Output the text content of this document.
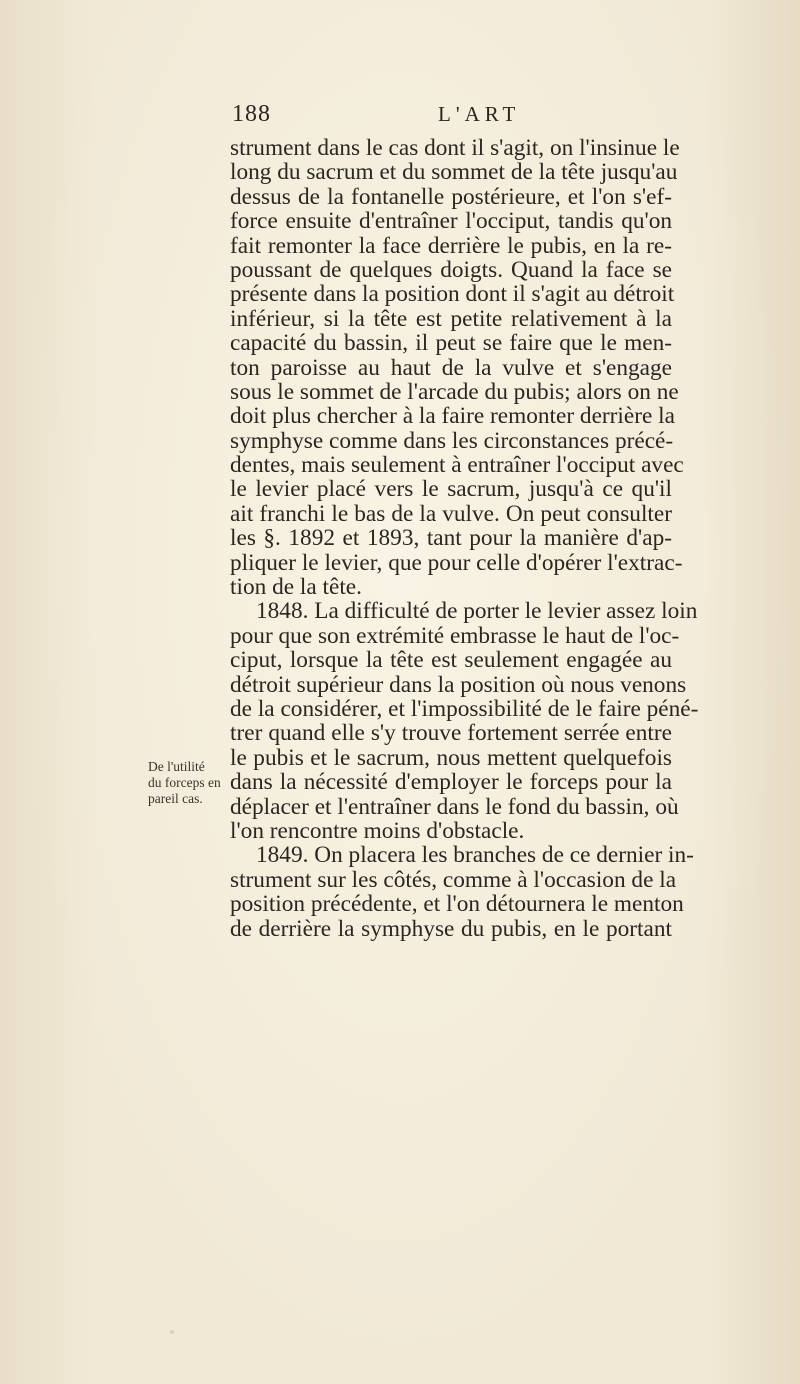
188	L'ART
De l'utilité
du forceps en
pareil cas.
strument dans le cas dont il s'agit, on l'insinue le
long du sacrum et du sommet de la tête jusqu'au
dessus de la fontanelle postérieure, et l'on s'ef-
force ensuite d'entraîner l'occiput, tandis qu'on
fait remonter la face derrière le pubis, en la re-
poussant de quelques doigts. Quand la face se
présente dans la position dont il s'agit au détroit
inférieur, si la tête est petite relativement à la
capacité du bassin, il peut se faire que le men-
ton paroisse au haut de la vulve et s'engage
sous le sommet de l'arcade du pubis; alors on ne
doit plus chercher à la faire remonter derrière la
symphyse comme dans les circonstances précé-
dentes, mais seulement à entraîner l'occiput avec
le levier placé vers le sacrum, jusqu'à ce qu'il
ait franchi le bas de la vulve. On peut consulter
les §. 1892 et 1893, tant pour la manière d'ap-
pliquer le levier, que pour celle d'opérer l'extrac-
tion de la tête.
1848. La difficulté de porter le levier assez loin
pour que son extrémité embrasse le haut de l'oc-
ciput, lorsque la tête est seulement engagée au
détroit supérieur dans la position où nous venons
de la considérer, et l'impossibilité de le faire péné-
trer quand elle s'y trouve fortement serrée entre
le pubis et le sacrum, nous mettent quelquefois
dans la nécessité d'employer le forceps pour la
déplacer et l'entraîner dans le fond du bassin, où
l'on rencontre moins d'obstacle.
1849. On placera les branches de ce dernier in-
strument sur les côtés, comme à l'occasion de la
position précédente, et l'on détournera le menton
de derrière la symphyse du pubis, en le portant
